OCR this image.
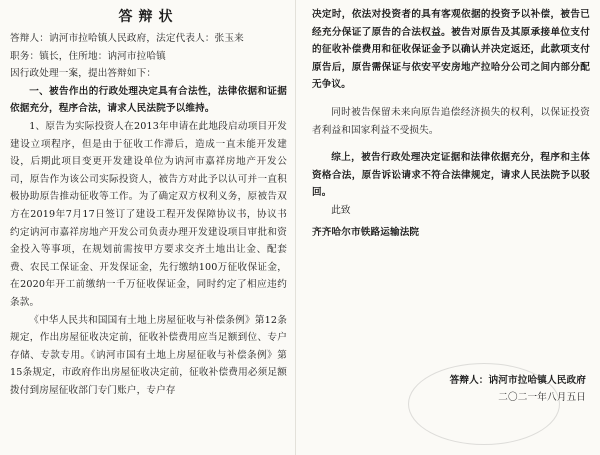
答辩状

答辩人：讷河市拉哈镇人民政府，法定代表人：张玉来

职务：镇长，住所地：讷河市拉哈镇

因行政处理一案，提出答辩如下：

一、被告作出的行政处理决定具有合法性，法律依据和证据依据充分，程序合法，请求人民法院予以维持。

1、原告为实际投资人在2013年申请在此地段启动项目开发建设立项程序，但是由于征收工作滞后，造成一直未能开发建设，后期此项目变更开发建设单位为讷河市嘉祥房地产开发公司，原告作为该公司实际投资人，被告方对此予以认可并一直积极协助原告推动征收等工作。为了确定双方权利义务，原被告双方在2019年7月17日签订了建设工程开发保障协议书，协议书约定讷河市嘉祥房地产开发公司负责办理开发建设项目审批和资金投入等事项，在规划前需按甲方要求交齐土地出让金、配套费、农民工保证金、开发保证金，先行缴纳100万征收保证金，在2020年开工前缴纳一千万征收保证金，同时约定了相应违约条款。

《中华人民共和国国有土地上房屋征收与补偿条例》第12条规定，作出房屋征收决定前，征收补偿费用应当足额到位、专户存储、专款专用。《讷河市国有土地上房屋征收与补偿条例》第15条规定，市政府作出房屋征收决定前，征收补偿费用必须足额拨付到房屋征收部门专门账户，专户存

决定时，依法对投资者的具有客观依据的投资予以补偿，被告已经充分保证了原告的合法权益。被告对原告及其原承接单位支付的征收补偿费用和征收保证金予以确认并决定返还，此款项支付原告后，原告需保证与依安平安房地产拉哈分公司之间内部分配无争议。

同时被告保留未来向原告追偿经济损失的权利，以保证投资者利益和国家利益不受损失。

综上，被告行政处理决定证据和法律依据充分，程序和主体资格合法，原告诉讼请求不符合法律规定，请求人民法院予以驳回。

此致

齐齐哈尔市铁路运输法院

答辩人：讷河市拉哈镇人民政府
二〇二一年八月五日
